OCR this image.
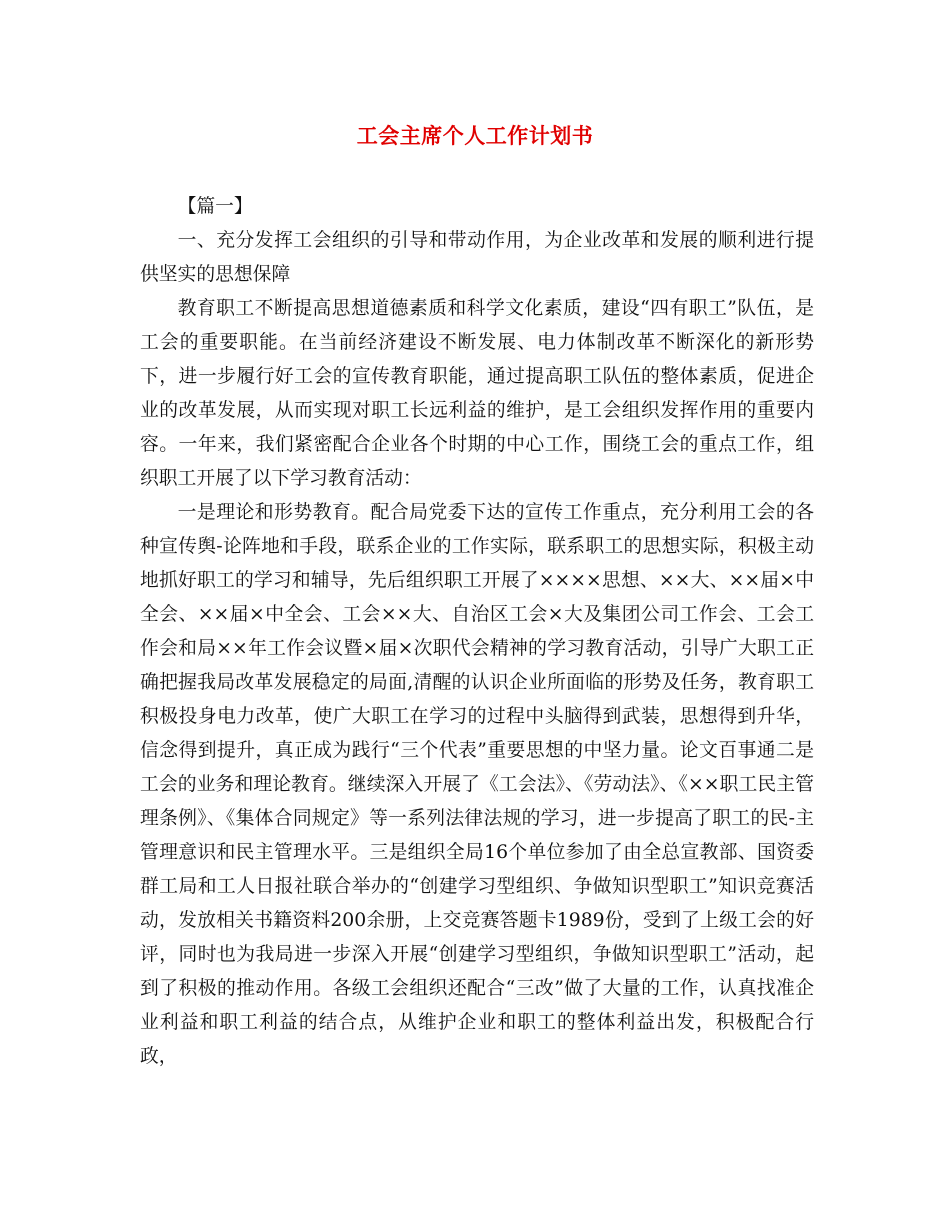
工会主席个人工作计划书

【篇一】

一、充分发挥工会组织的引导和带动作用，为企业改革和发展的顺利进行提供坚实的思想保障

教育职工不断提高思想道德素质和科学文化素质，建设“四有职工”队伍，是工会的重要职能。在当前经济建设不断发展、电力体制改革不断深化的新形势下，进一步履行好工会的宣传教育职能，通过提高职工队伍的整体素质，促进企业的改革发展，从而实现对职工长远利益的维护，是工会组织发挥作用的重要内容。一年来，我们紧密配合企业各个时期的中心工作，围绕工会的重点工作，组织职工开展了以下学习教育活动：

一是理论和形势教育。配合局党委下达的宣传工作重点，充分利用工会的各种宣传舆-论阵地和手段，联系企业的工作实际，联系职工的思想实际，积极主动地抓好职工的学习和辅导，先后组织职工开展了××××思想、××大、××届×中全会、××届×中全会、工会××大、自治区工会×大及集团公司工作会、工会工作会和局××年工作会议暨×届×次职代会精神的学习教育活动，引导广大职工正确把握我局改革发展稳定的局面,清醒的认识企业所面临的形势及任务，教育职工积极投身电力改革，使广大职工在学习的过程中头脑得到武装，思想得到升华，信念得到提升，真正成为践行“三个代表”重要思想的中坚力量。论文百事通二是工会的业务和理论教育。继续深入开展了《工会法》、《劳动法》、《××职工民主管理条例》、《集体合同规定》等一系列法律法规的学习，进一步提高了职工的民-主管理意识和民主管理水平。三是组织全局16个单位参加了由全总宣教部、国资委群工局和工人日报社联合举办的“创建学习型组织、争做知识型职工”知识竞赛活动，发放相关书籍资料200余册，上交竞赛答题卡1989份，受到了上级工会的好评，同时也为我局进一步深入开展“创建学习型组织，争做知识型职工”活动，起到了积极的推动作用。各级工会组织还配合“三改”做了大量的工作，认真找准企业利益和职工利益的结合点，从维护企业和职工的整体利益出发，积极配合行政，
